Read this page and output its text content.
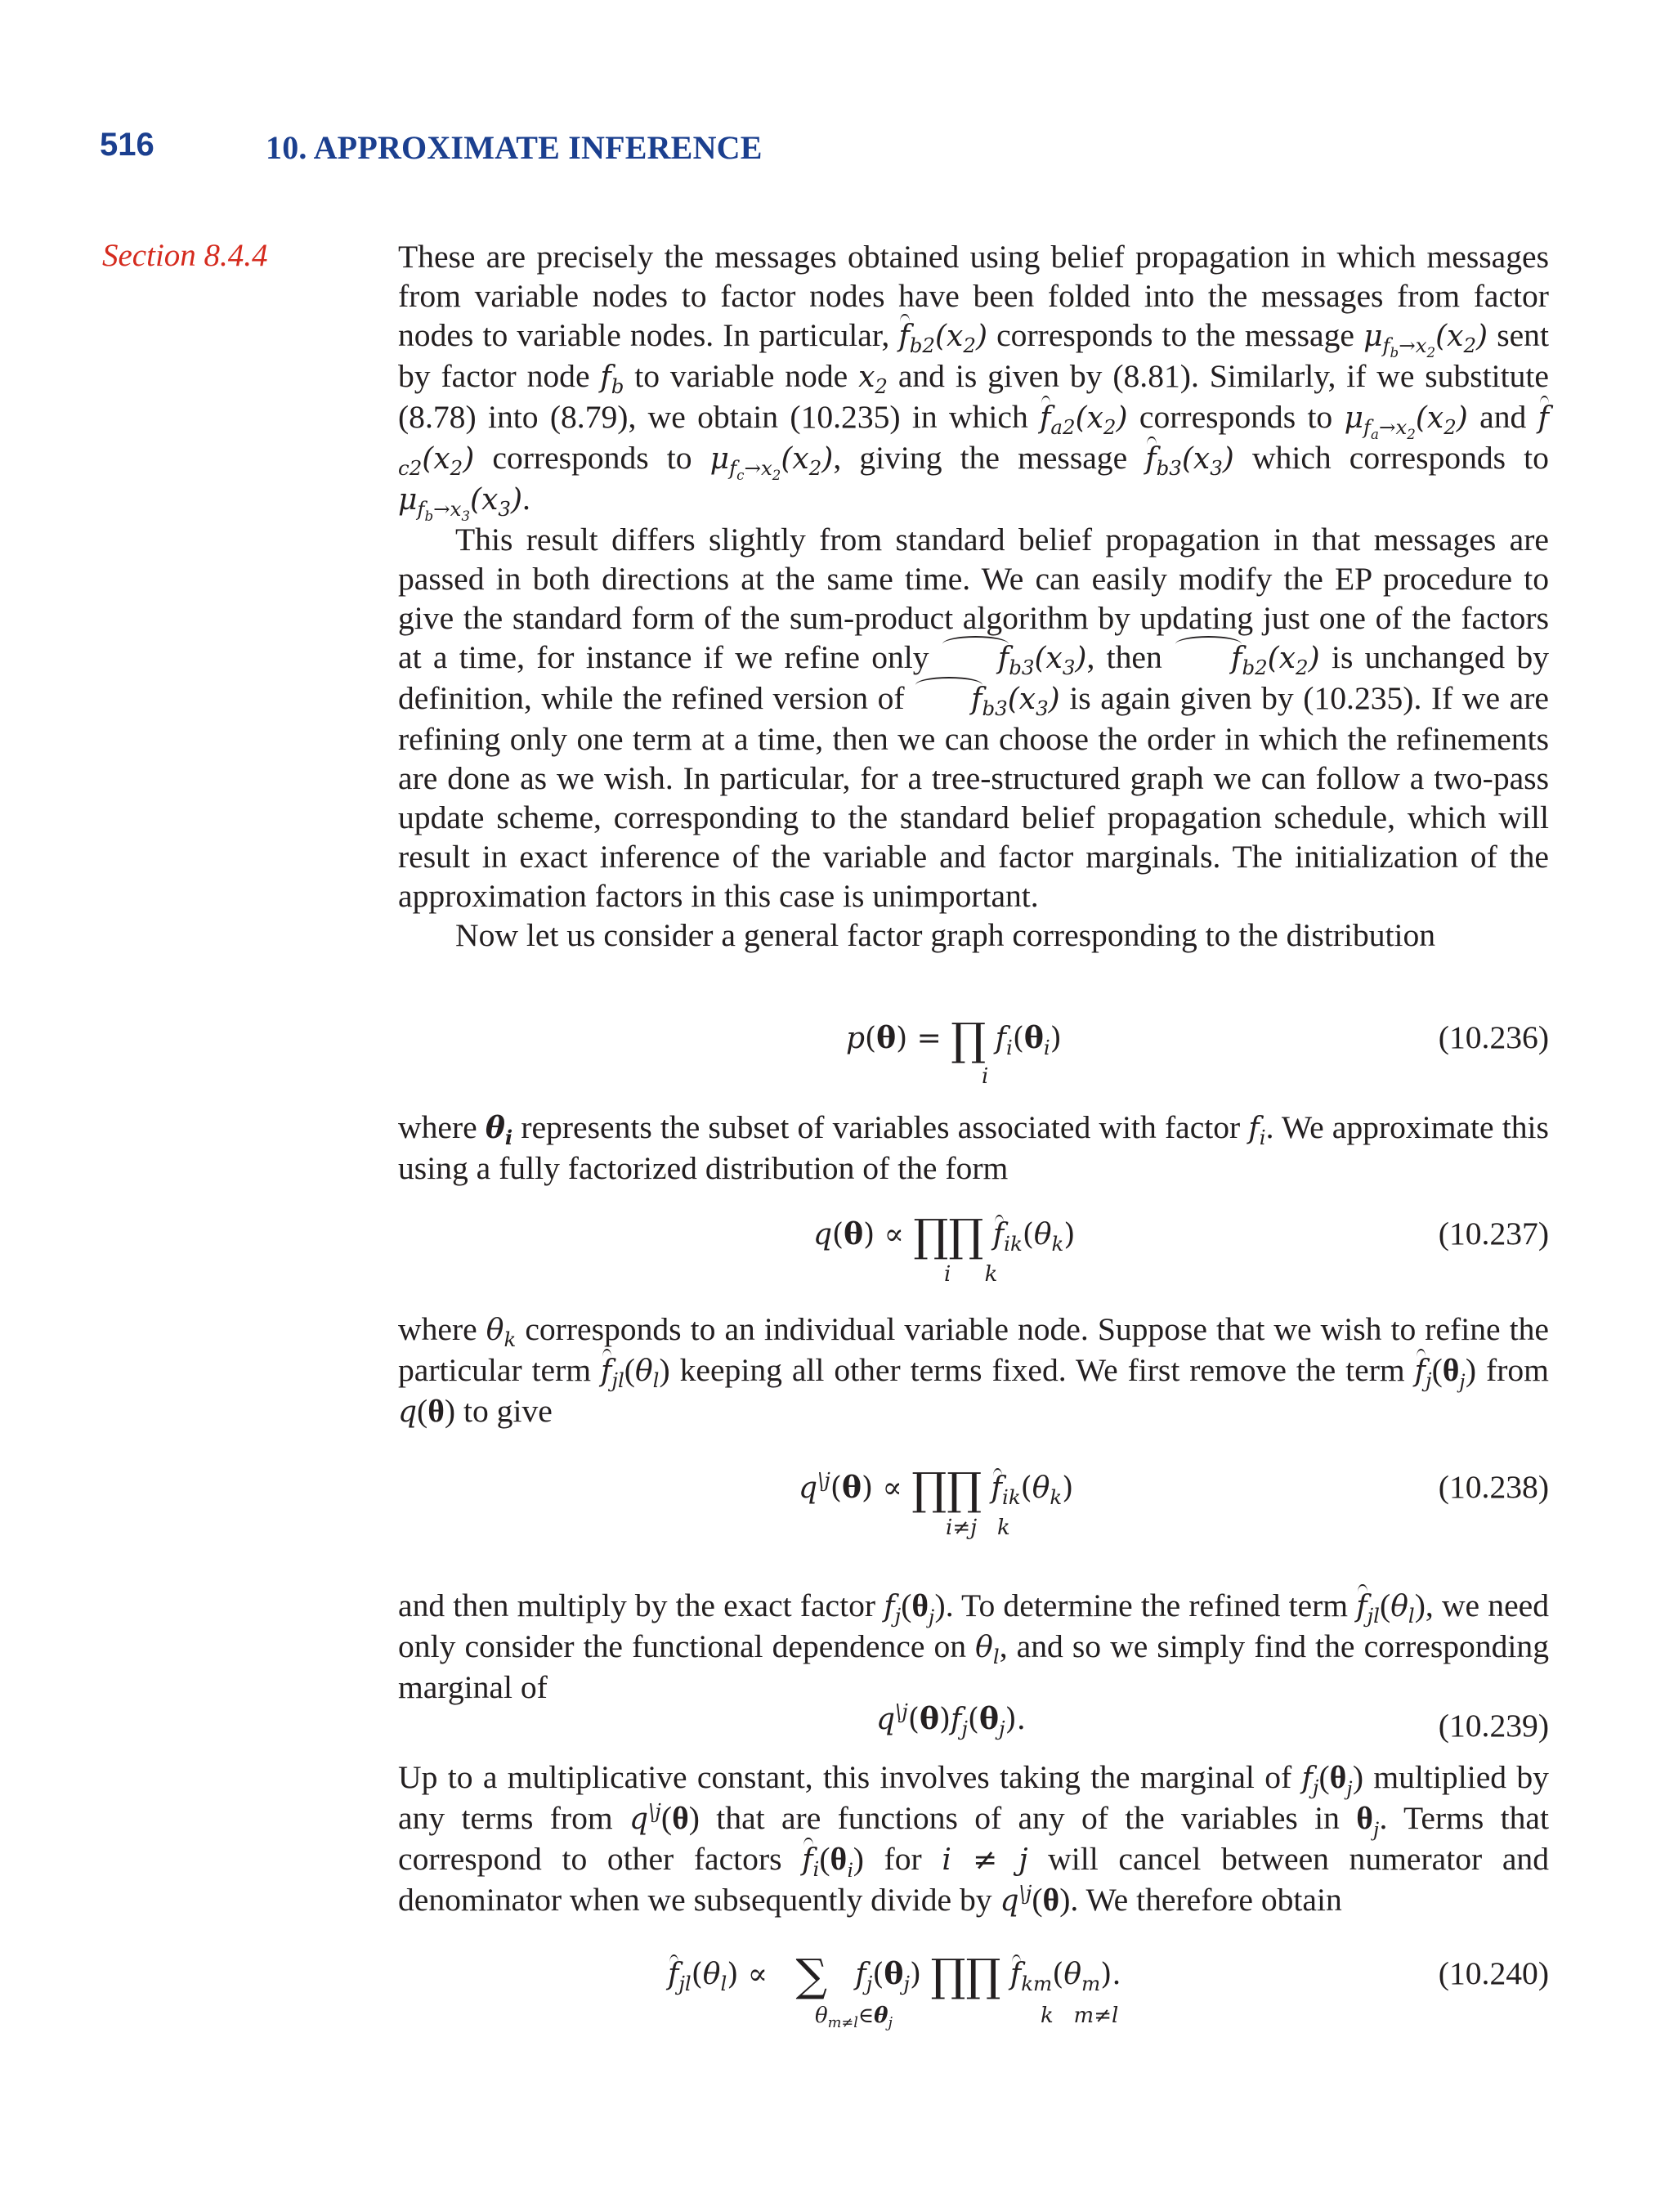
516	10. APPROXIMATE INFERENCE
Section 8.4.4	These are precisely the messages obtained using belief propagation in which messages from variable nodes to factor nodes have been folded into the messages from factor nodes to variable nodes. In particular, $f_{b2}(x_2)$ corresponds to the message $\mu_{f_b\to x_2}(x_2)$ sent by factor node $f_b$ to variable node $x_2$ and is given by (8.81). Similarly, if we substitute (8.78) into (8.79), we obtain (10.235) in which $f_{a2}(x_2)$ corresponds to $\mu_{f_a\to x_2}(x_2)$ and $f_{c2}(x_2)$ corresponds to $\mu_{f_c\to x_2}(x_2)$, giving the message $f_{b3}(x_3)$ which corresponds to $\mu_{f_b\to x_3}(x_3)$.

This result differs slightly from standard belief propagation in that messages are passed in both directions at the same time. We can easily modify the EP procedure to give the standard form of the sum-product algorithm by updating just one of the factors at a time, for instance if we refine only $f_{b3}(x_3)$, then $f_{b2}(x_2)$ is unchanged by definition, while the refined version of $f_{b3}(x_3)$ is again given by (10.235). If we are refining only one term at a time, then we can choose the order in which the refinements are done as we wish. In particular, for a tree-structured graph we can follow a two-pass update scheme, corresponding to the standard belief propagation schedule, which will result in exact inference of the variable and factor marginals. The initialization of the approximation factors in this case is unimportant.

Now let us consider a general factor graph corresponding to the distribution

p(θ) = ∏ $f_i(\theta_i)$
i
(10.236)

where $\theta_i$ represents the subset of variables associated with factor $f_i$. We approximate this using a fully factorized distribution of the form

q(θ) ∝ ∏∏ $f_{ik}(\theta_k)$
i     k
(10.237)

where $\theta_k$ corresponds to an individual variable node. Suppose that we wish to refine the particular term $f_{jl}(\theta_l)$ keeping all other terms fixed. We first remove the term $f_j(\theta_j)$ from q(θ) to give

$q^{\backslash j}(\theta)$ ∝ ∏∏ $f_{ik}(\theta_k)$
i≠j   k
(10.238)

and then multiply by the exact factor $f_j(\theta_j)$. To determine the refined term $f_{jl}(\theta_l)$, we need only consider the functional dependence on $\theta_l$, and so we simply find the corresponding marginal of

$q^{\backslash j}(\theta)f_j(\theta_j)$.	(10.239)

Up to a multiplicative constant, this involves taking the marginal of $f_j(\theta_j)$ multiplied by any terms from $q^{\backslash j}(\theta)$ that are functions of any of the variables in $\theta_j$. Terms that correspond to other factors $f_i(\theta_i)$ for i ≠ j will cancel between numerator and denominator when we subsequently divide by $q^{\backslash j}(\theta)$. We therefore obtain

$f_{jl}(\theta_l)$ ∝   ∑ $f_j(\theta_j)$ ∏∏ $f_{km}(\theta_m)$.
$\theta_{m\ne l}\in\theta_j$	k   m≠l
(10.240)
